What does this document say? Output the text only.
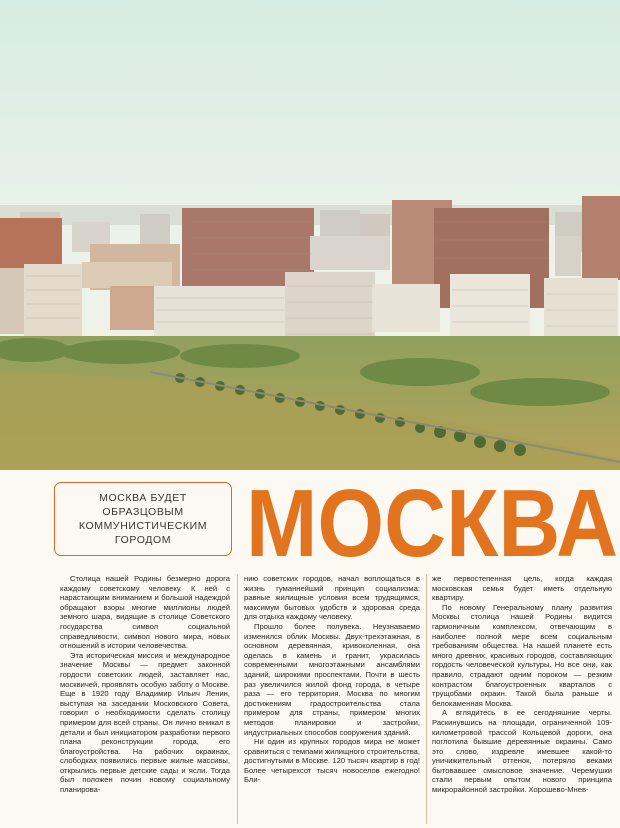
МОСКВА БУДЕТ
ОБРАЗЦОВЫМ
КОММУНИСТИЧЕСКИМ
ГОРОДОМ МОСКВА

Столица нашей Родины безмерно дорога каждому советскому человеку. К ней с нарастающим вниманием и большой надеждой обращают взоры многие миллионы людей земного шара, видящие в столице Советского государства символ социальной справедливости, символ нового мира, новых отношений в истории человечества.

Эта историческая миссия и международное значение Москвы — предмет законной гордости советских людей, заставляет нас, москвичей, проявлять особую заботу о Москве. Еще в 1920 году Владимир Ильич Ленин, выступая на заседании Московского Совета, говорил о необходимости сделать столицу примером для всей страны. Он лично вникал в детали и был инициатором разработки первого плана реконструкции города, его благоустройства. На рабочих окраинах, слободках появились первые жилые массивы, открылись первые детские сады и ясли. Тогда был положен почин новому социальному планирова-

нию советских городов, начал воплощаться в жизнь гуманнейший принцип социализма: равные жилищные условия всем трудящимся, максимум бытовых удобств и здоровая среда для отдыха каждому человеку.

Прошло более полувека. Неузнаваемо изменился облик Москвы. Двух-трехэтажная, в основном деревянная, кривоколенная, она оделась в камень и гранит, украсилась современными многоэтажными ансамблями зданий, широкими проспектами. Почти в шесть раз увеличился жилой фонд города, в четыре раза — его территория. Москва по многим достижениям градостроительства стала примером для страны, примером многих методов планировки и застройки, индустриальных способов сооружения зданий.

Ни один из крупных городов мира не может сравниться с темпами жилищного строительства, достигнутыми в Москве. 120 тысяч квартир в год! Более четырехсот тысяч новоселов ежегодно! Бли-

же первостепенная цель, когда каждая московская семья будет иметь отдельную квартиру.

По новому Генеральному плану развития Москвы столица нашей Родины видится гармоничным комплексом, отвечающим в наиболее полной мере всем социальным требованиям общества. На нашей планете есть много древних, красивых городов, составляющих гордость человеческой культуры. Но все они, как правило, страдают одним пороком — резким контрастом благоустроенных кварталов с трущобами окраин. Такой была раньше и белокаменная Москва.

А вглядитесь в ее сегодняшние черты. Раскинувшись на площади, ограниченной 109-километровой трассой Кольцевой дороги, она поглотила бывшие деревянные окраины. Само это слово, издревле имевшее какой-то уничижительный оттенок, потеряло веками бытовавшее смысловое значение. Черемушки стали первым опытом нового принципа микрорайонной застройки. Хорошево-Мнев-
